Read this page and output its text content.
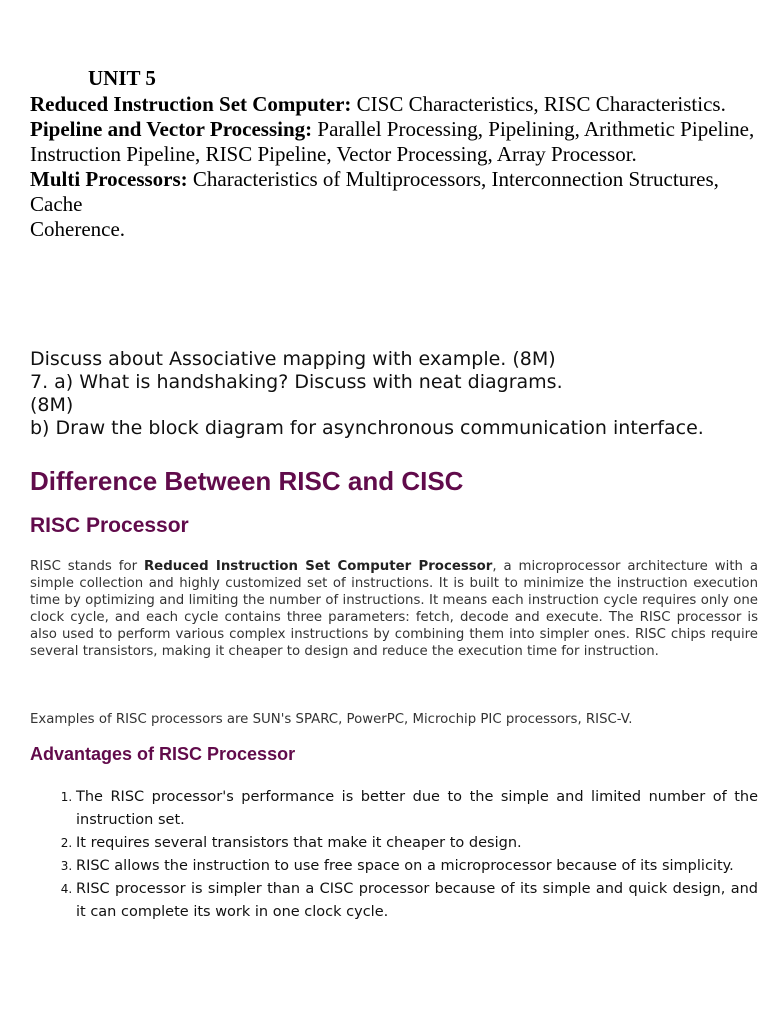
UNIT 5

Reduced Instruction Set Computer: CISC Characteristics, RISC Characteristics.

Pipeline and Vector Processing: Parallel Processing, Pipelining, Arithmetic Pipeline,

Instruction Pipeline, RISC Pipeline, Vector Processing, Array Processor.

Multi Processors: Characteristics of Multiprocessors, Interconnection Structures, Cache

Coherence.

Discuss about Associative mapping with example. (8M)

7. a) What is handshaking? Discuss with neat diagrams.

(8M)

b) Draw the block diagram for asynchronous communication interface.

Difference Between RISC and CISC
RISC Processor

RISC stands for Reduced Instruction Set Computer Processor, a microprocessor architecture with a simple collection and highly customized set of instructions. It is built to minimize the instruction execution time by optimizing and limiting the number of instructions. It means each instruction cycle requires only one clock cycle, and each cycle contains three parameters: fetch, decode and execute. The RISC processor is also used to perform various complex instructions by combining them into simpler ones. RISC chips require several transistors, making it cheaper to design and reduce the execution time for instruction.

Examples of RISC processors are SUN's SPARC, PowerPC, Microchip PIC processors, RISC-V.

Advantages of RISC Processor
1. The RISC processor's performance is better due to the simple and limited number of the instruction set.
2. It requires several transistors that make it cheaper to design.
3. RISC allows the instruction to use free space on a microprocessor because of its simplicity.
4. RISC processor is simpler than a CISC processor because of its simple and quick design, and it can complete its work in one clock cycle.
